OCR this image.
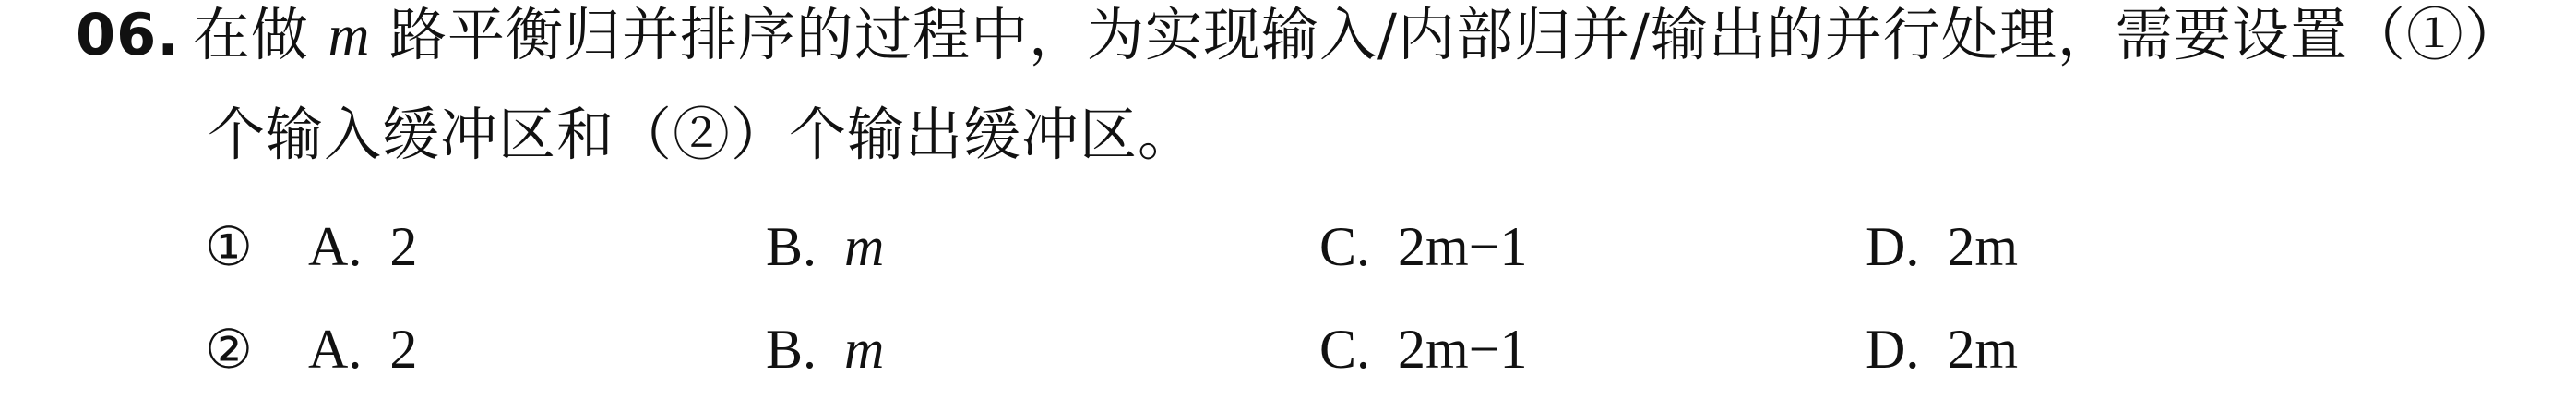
06. 在做 m 路平衡归并排序的过程中，为实现输入/内部归并/输出的并行处理，需要设置（①）
个输入缓冲区和（②）个输出缓冲区。
① A. 2	B. m	C. 2m−1	D. 2m
② A. 2	B. m	C. 2m−1	D. 2m
